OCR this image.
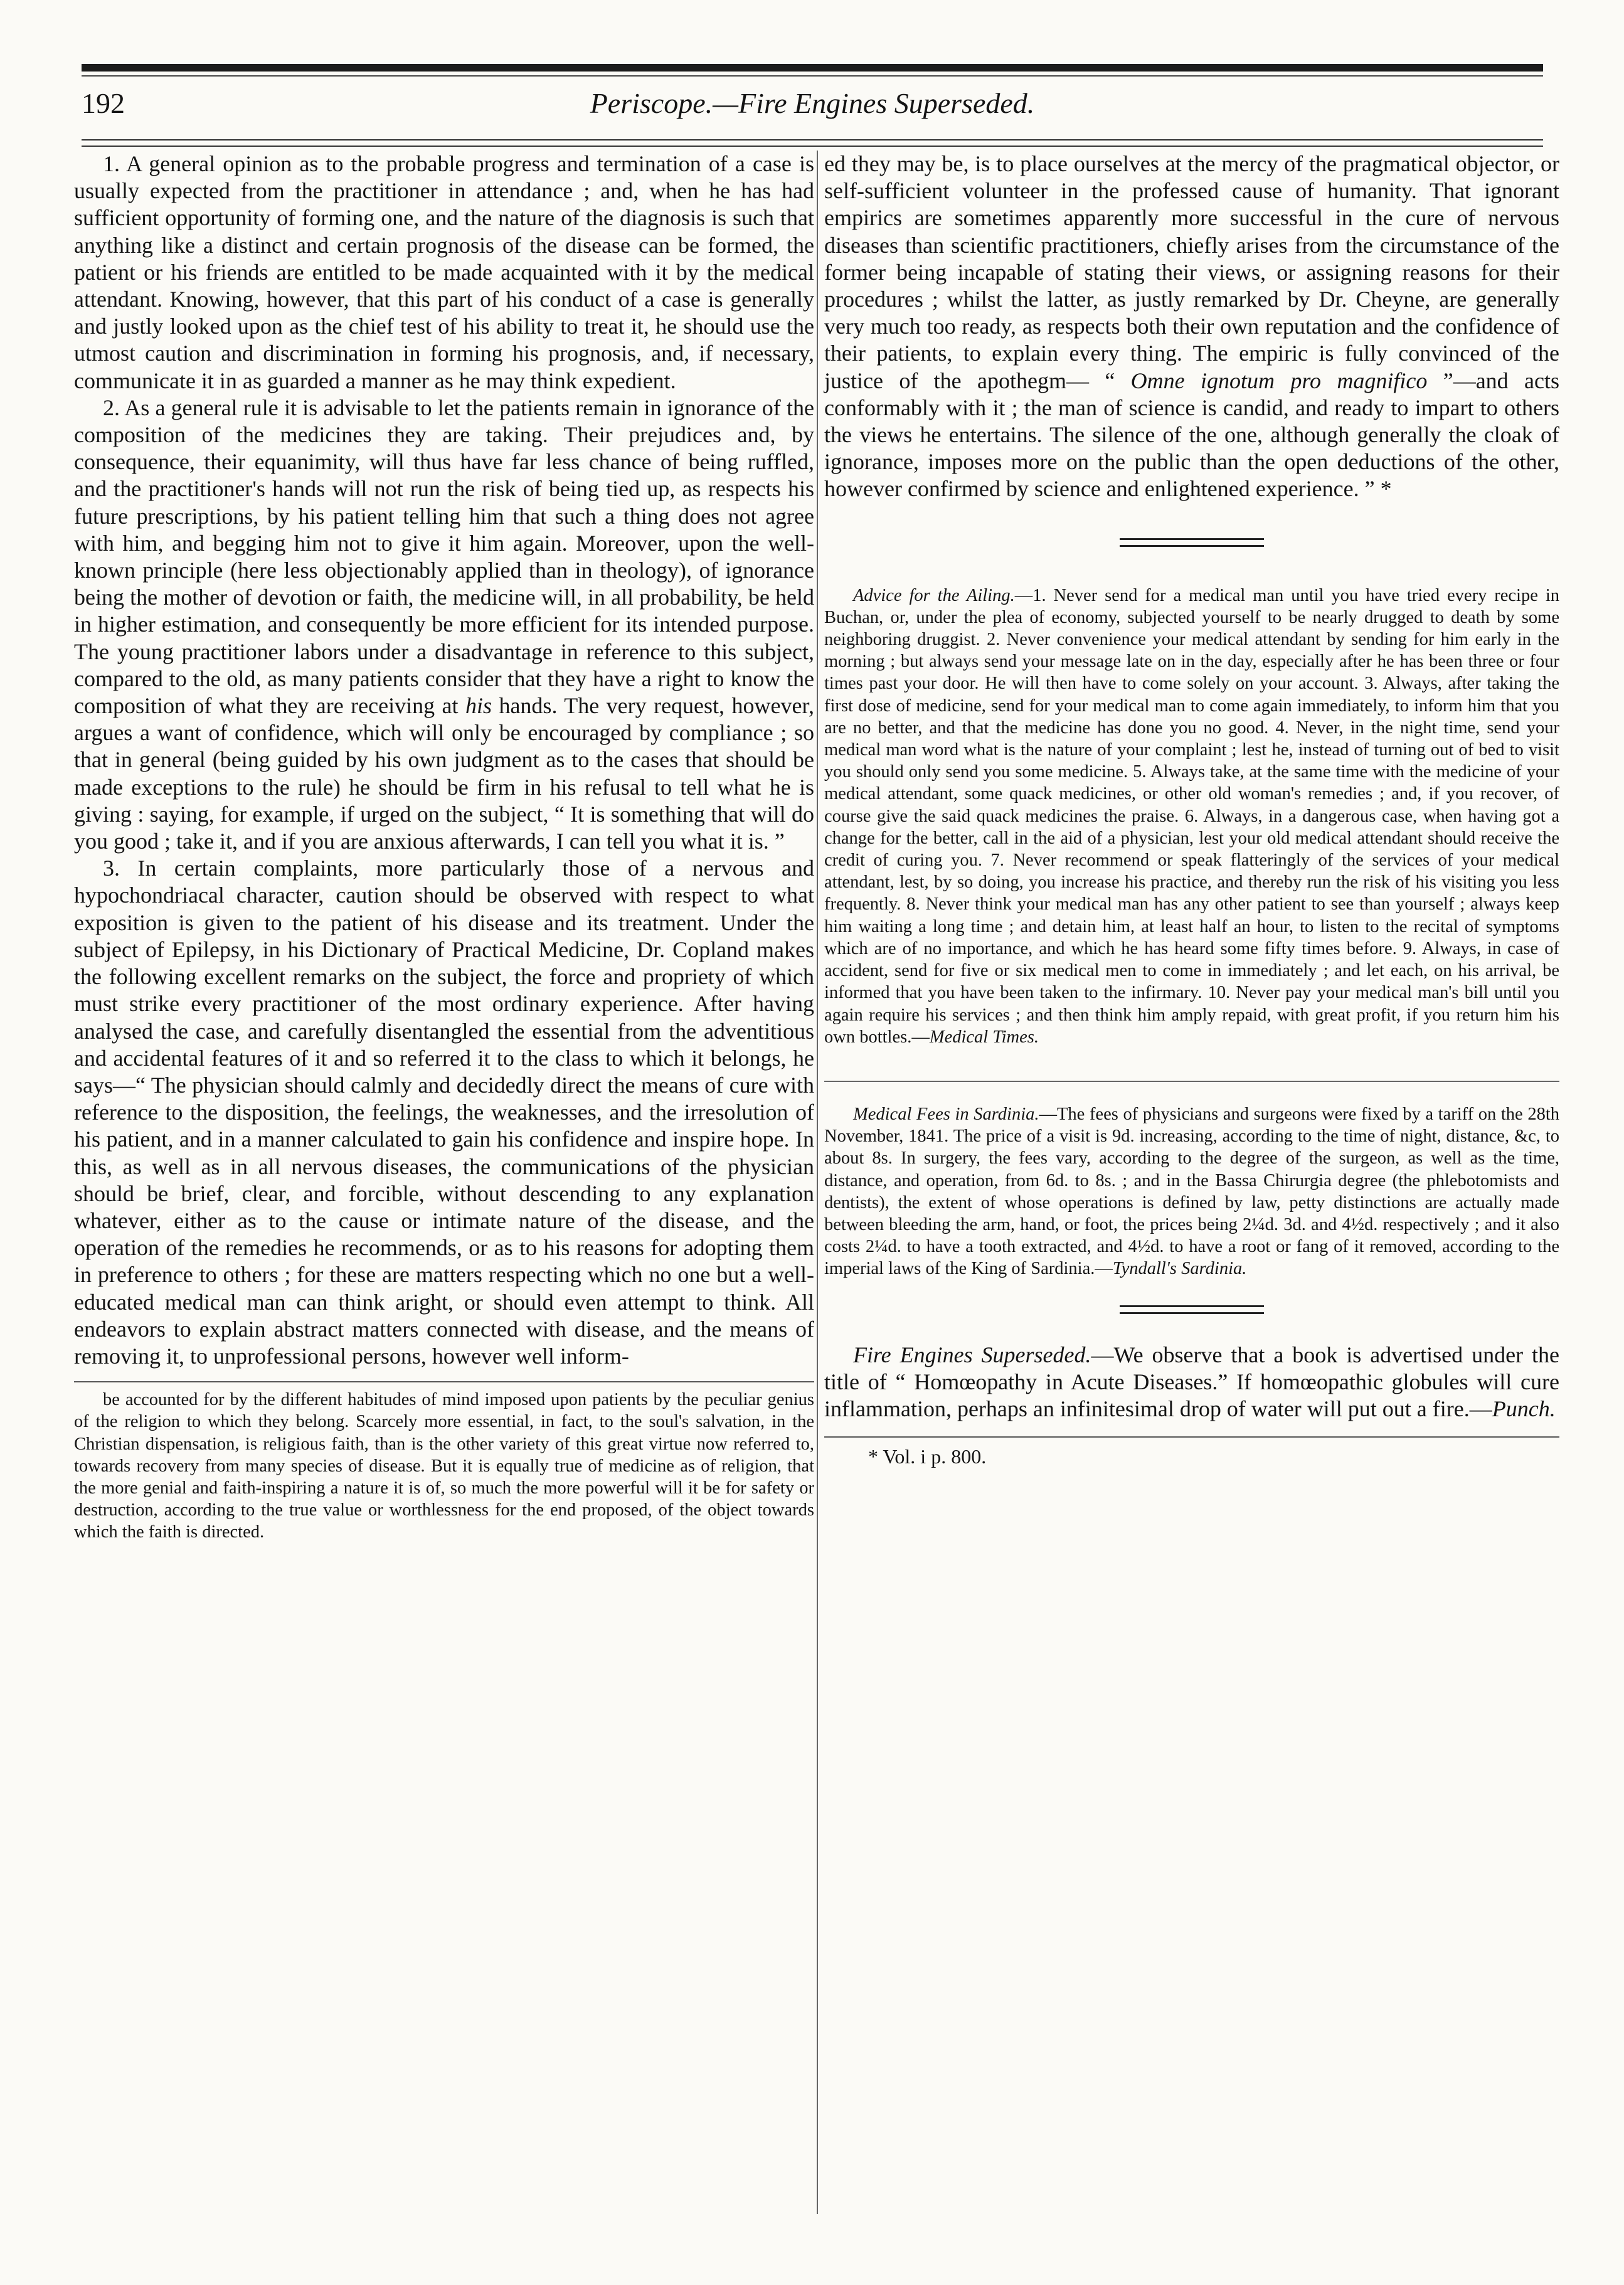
192	Periscope.—Fire Engines Superseded.

1. A general opinion as to the probable progress and termination of a case is usually expected from the practitioner in attendance ; and, when he has had sufficient opportunity of forming one, and the nature of the diagnosis is such that anything like a distinct and certain prognosis of the disease can be formed, the patient or his friends are entitled to be made acquainted with it by the medical attendant. Knowing, however, that this part of his conduct of a case is generally and justly looked upon as the chief test of his ability to treat it, he should use the utmost caution and discrimination in forming his prognosis, and, if necessary, communicate it in as guarded a manner as he may think expedient.

2. As a general rule it is advisable to let the patients remain in ignorance of the composition of the medicines they are taking. Their prejudices and, by consequence, their equanimity, will thus have far less chance of being ruffled, and the practitioner's hands will not run the risk of being tied up, as respects his future prescriptions, by his patient telling him that such a thing does not agree with him, and begging him not to give it him again. Moreover, upon the well-known principle (here less objectionably applied than in theology), of ignorance being the mother of devotion or faith, the medicine will, in all probability, be held in higher estimation, and consequently be more efficient for its intended purpose. The young practitioner labors under a disadvantage in reference to this subject, compared to the old, as many patients consider that they have a right to know the composition of what they are receiving at his hands. The very request, however, argues a want of confidence, which will only be encouraged by compliance ; so that in general (being guided by his own judgment as to the cases that should be made exceptions to the rule) he should be firm in his refusal to tell what he is giving : saying, for example, if urged on the subject, “ It is something that will do you good ; take it, and if you are anxious afterwards, I can tell you what it is. ”

3. In certain complaints, more particularly those of a nervous and hypochondriacal character, caution should be observed with respect to what exposition is given to the patient of his disease and its treatment. Under the subject of Epilepsy, in his Dictionary of Practical Medicine, Dr. Copland makes the following excellent remarks on the subject, the force and propriety of which must strike every practitioner of the most ordinary experience. After having analysed the case, and carefully disentangled the essential from the adventitious and accidental features of it and so referred it to the class to which it belongs, he says—“ The physician should calmly and decidedly direct the means of cure with reference to the disposition, the feelings, the weaknesses, and the irresolution of his patient, and in a manner calculated to gain his confidence and inspire hope. In this, as well as in all nervous diseases, the communications of the physician should be brief, clear, and forcible, without descending to any explanation whatever, either as to the cause or intimate nature of the disease, and the operation of the remedies he recommends, or as to his reasons for adopting them in preference to others ; for these are matters respecting which no one but a well-educated medical man can think aright, or should even attempt to think. All endeavors to explain abstract matters connected with disease, and the means of removing it, to unprofessional persons, however well inform-

be accounted for by the different habitudes of mind imposed upon patients by the peculiar genius of the religion to which they belong. Scarcely more essential, in fact, to the soul's salvation, in the Christian dispensation, is religious faith, than is the other variety of this great virtue now referred to, towards recovery from many species of disease. But it is equally true of medicine as of religion, that the more genial and faith-inspiring a nature it is of, so much the more powerful will it be for safety or destruction, according to the true value or worthlessness for the end proposed, of the object towards which the faith is directed.

ed they may be, is to place ourselves at the mercy of the pragmatical objector, or self-sufficient volunteer in the professed cause of humanity. That ignorant empirics are sometimes apparently more successful in the cure of nervous diseases than scientific practitioners, chiefly arises from the circumstance of the former being incapable of stating their views, or assigning reasons for their procedures ; whilst the latter, as justly remarked by Dr. Cheyne, are generally very much too ready, as respects both their own reputation and the confidence of their patients, to explain every thing. The empiric is fully convinced of the justice of the apothegm— “ Omne ignotum pro magnifico ”—and acts conformably with it ; the man of science is candid, and ready to impart to others the views he entertains. The silence of the one, although generally the cloak of ignorance, imposes more on the public than the open deductions of the other, however confirmed by science and enlightened experience. ” *

Advice for the Ailing.—1. Never send for a medical man until you have tried every recipe in Buchan, or, under the plea of economy, subjected yourself to be nearly drugged to death by some neighboring druggist. 2. Never convenience your medical attendant by sending for him early in the morning ; but always send your message late on in the day, especially after he has been three or four times past your door. He will then have to come solely on your account. 3. Always, after taking the first dose of medicine, send for your medical man to come again immediately, to inform him that you are no better, and that the medicine has done you no good. 4. Never, in the night time, send your medical man word what is the nature of your complaint ; lest he, instead of turning out of bed to visit you should only send you some medicine. 5. Always take, at the same time with the medicine of your medical attendant, some quack medicines, or other old woman's remedies ; and, if you recover, of course give the said quack medicines the praise. 6. Always, in a dangerous case, when having got a change for the better, call in the aid of a physician, lest your old medical attendant should receive the credit of curing you. 7. Never recommend or speak flatteringly of the services of your medical attendant, lest, by so doing, you increase his practice, and thereby run the risk of his visiting you less frequently. 8. Never think your medical man has any other patient to see than yourself ; always keep him waiting a long time ; and detain him, at least half an hour, to listen to the recital of symptoms which are of no importance, and which he has heard some fifty times before. 9. Always, in case of accident, send for five or six medical men to come in immediately ; and let each, on his arrival, be informed that you have been taken to the infirmary. 10. Never pay your medical man's bill until you again require his services ; and then think him amply repaid, with great profit, if you return him his own bottles.—Medical Times.

Medical Fees in Sardinia.—The fees of physicians and surgeons were fixed by a tariff on the 28th November, 1841. The price of a visit is 9d. increasing, according to the time of night, distance, &c, to about 8s. In surgery, the fees vary, according to the degree of the surgeon, as well as the time, distance, and operation, from 6d. to 8s. ; and in the Bassa Chirurgia degree (the phlebotomists and dentists), the extent of whose operations is defined by law, petty distinctions are actually made between bleeding the arm, hand, or foot, the prices being 2¼d. 3d. and 4½d. respectively ; and it also costs 2¼d. to have a tooth extracted, and 4½d. to have a root or fang of it removed, according to the imperial laws of the King of Sardinia.—Tyndall's Sardinia.

Fire Engines Superseded.—We observe that a book is advertised under the title of “ Homœopathy in Acute Diseases.” If homœopathic globules will cure inflammation, perhaps an infinitesimal drop of water will put out a fire.—Punch.

* Vol. i p. 800.
